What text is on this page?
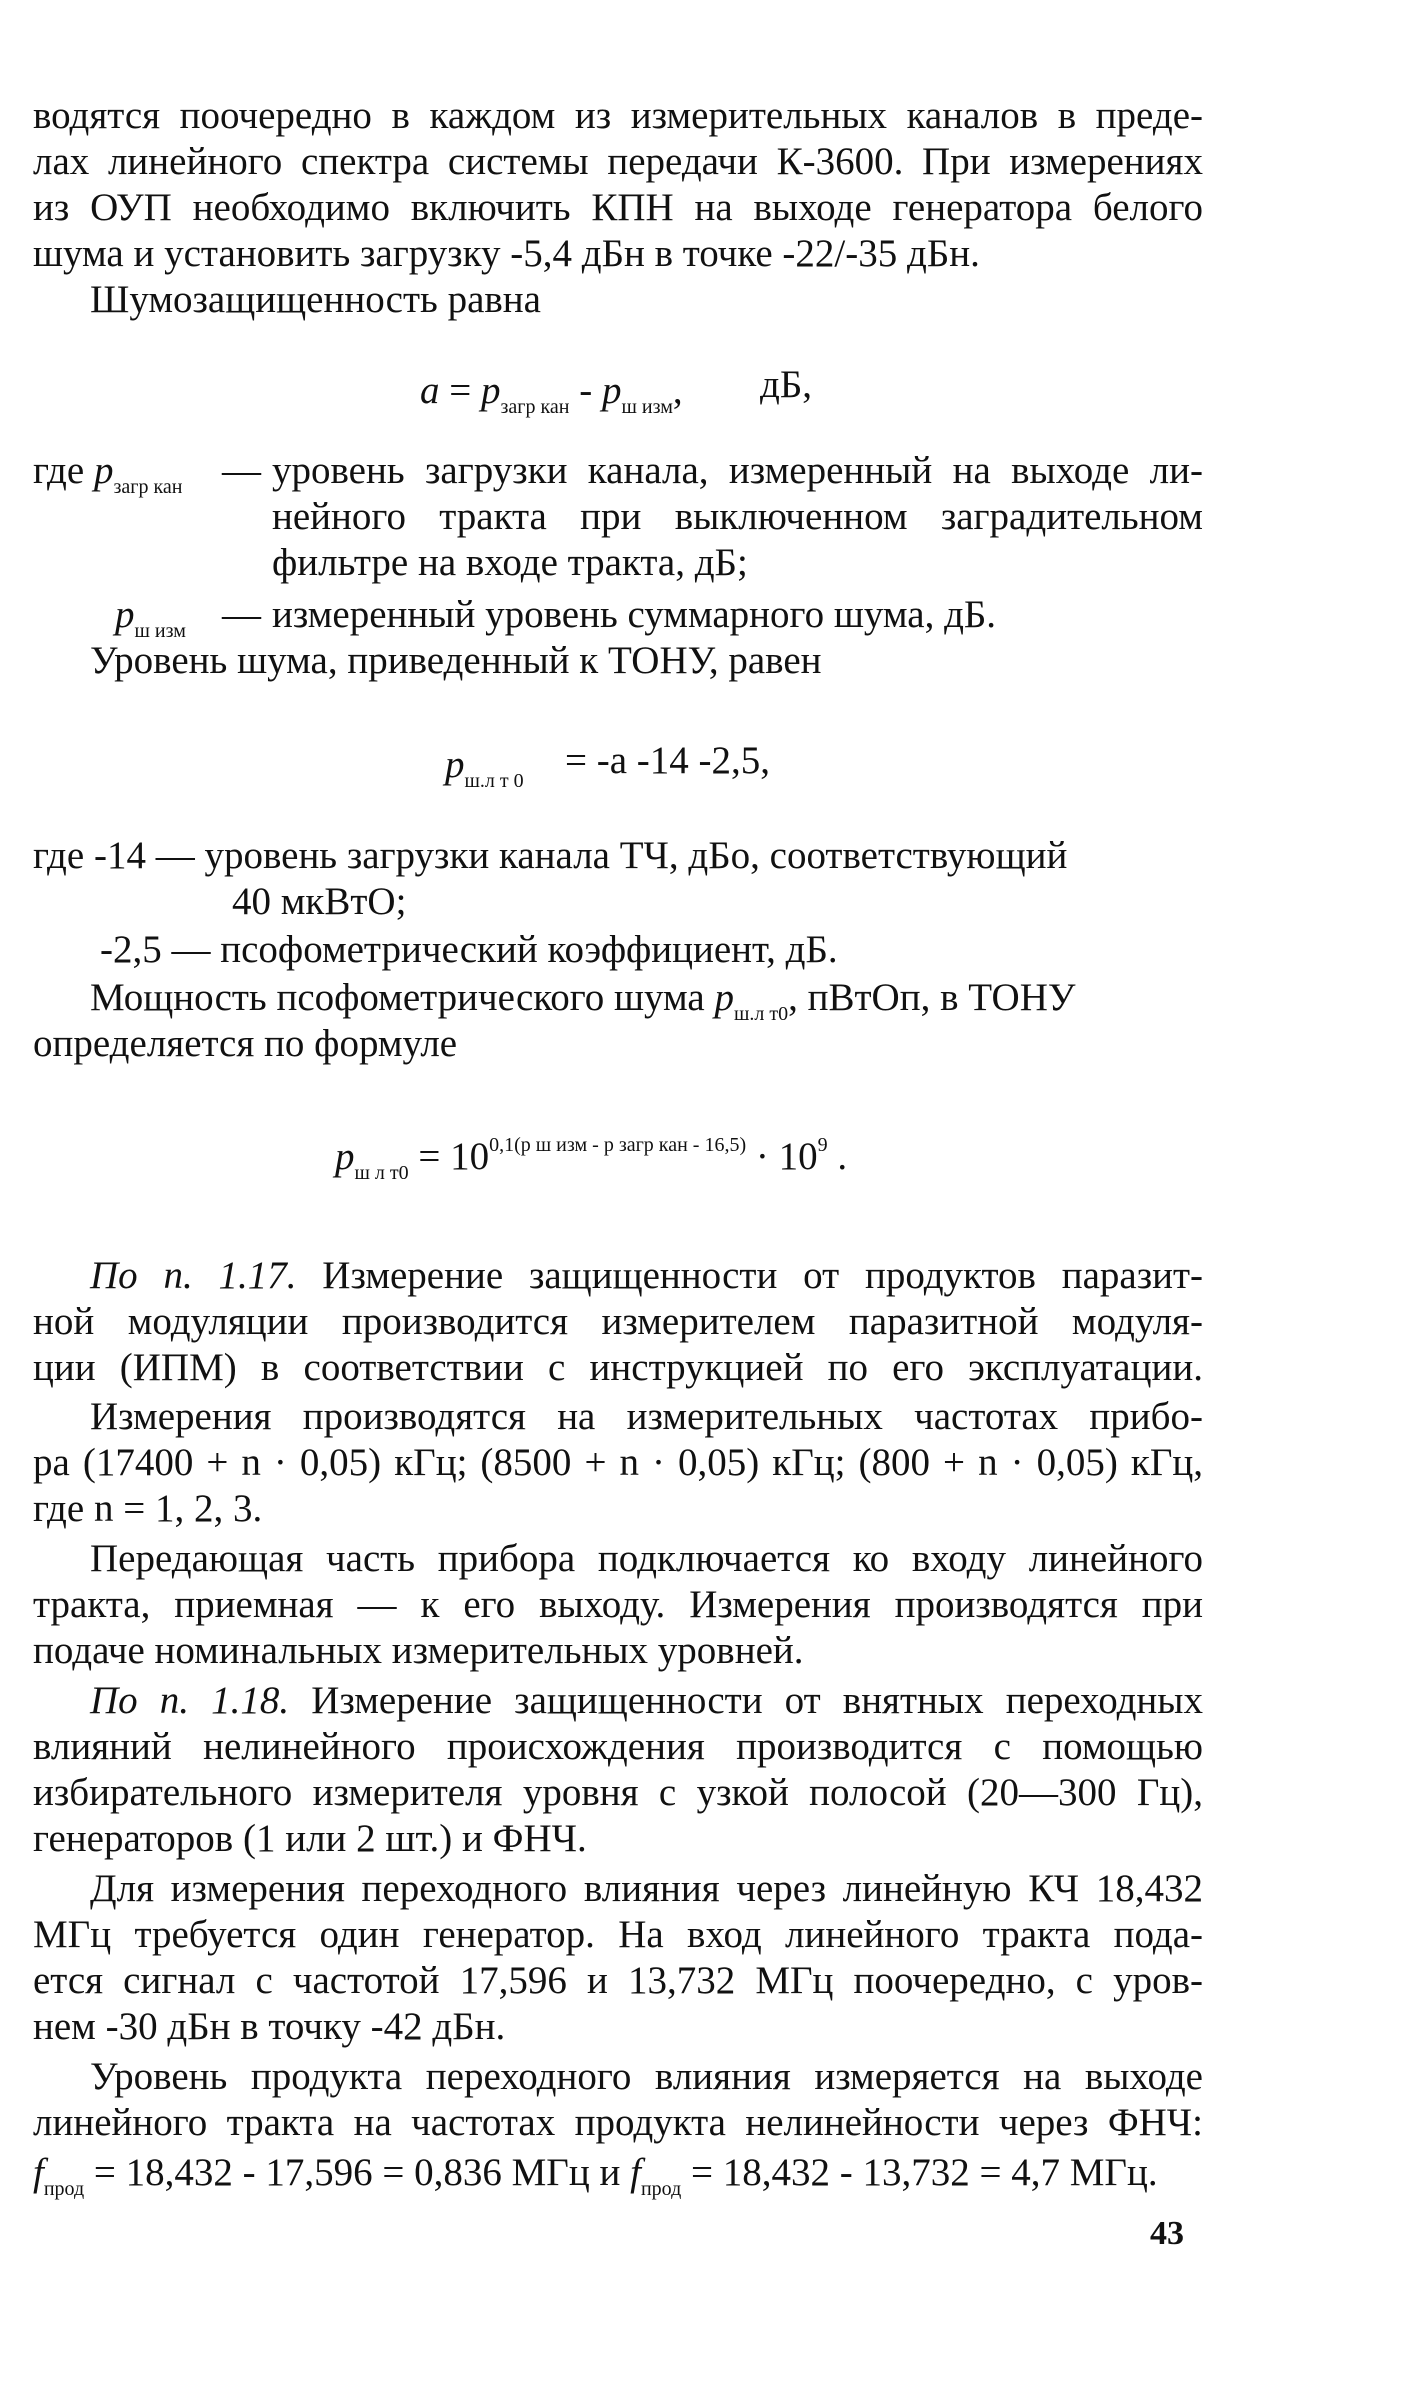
водятся поочередно в каждом из измерительных каналов в преде-
лах линейного спектра системы передачи К-3600. При измерениях
из ОУП необходимо включить КПН на выходе генератора белого
шума и установить загрузку -5,4 дБн в точке -22/-35 дБн.
Шумозащищенность равна
$a = p_{загр кан} - p_{ш изм}$, дБ,
где $p_{загр кан}$ — уровень загрузки канала, измеренный на выходе ли-
нейного тракта при выключенном заградительном
фильтре на входе тракта, дБ;
$p_{ш изм}$ — измеренный уровень суммарного шума, дБ.
Уровень шума, приведенный к ТОНУ, равен
$p_{ш.л т 0} = -a$ -14 -2,5,
где -14 — уровень загрузки канала ТЧ, дБо, соответствующий
40 мкВтО;
-2,5 — псофометрический коэффициент, дБ.
Мощность псофометрического шума $p_{ш.л т0}$, пВтОп, в ТОНУ
определяется по формуле
$p_{ш л т0} = 10^{0,1(p ш изм - p загр кан - 16,5)} \cdot 10^9$ .
По п. 1.17. Измерение защищенности от продуктов паразит-
ной модуляции производится измерителем паразитной модуля-
ции (ИПМ) в соответствии с инструкцией по его эксплуатации.
Измерения производятся на измерительных частотах прибо-
ра (17400 + n · 0,05) кГц; (8500 + n · 0,05) кГц; (800 + n · 0,05) кГц,
где n = 1, 2, 3.
Передающая часть прибора подключается ко входу линейного
тракта, приемная — к его выходу. Измерения производятся при
подаче номинальных измерительных уровней.
По п. 1.18. Измерение защищенности от внятных переходных
влияний нелинейного происхождения производится с помощью
избирательного измерителя уровня с узкой полосой (20—300 Гц),
генераторов (1 или 2 шт.) и ФНЧ.
Для измерения переходного влияния через линейную КЧ 18,432
МГц требуется один генератор. На вход линейного тракта пода-
ется сигнал с частотой 17,596 и 13,732 МГц поочередно, с уров-
нем -30 дБн в точку -42 дБн.
Уровень продукта переходного влияния измеряется на выходе
линейного тракта на частотах продукта нелинейности через ФНЧ:
$f_{прод} = 18,432 - 17,596 = 0,836$ МГц и $f_{прод} = 18,432 - 13,732 = 4,7$ МГц.
43
